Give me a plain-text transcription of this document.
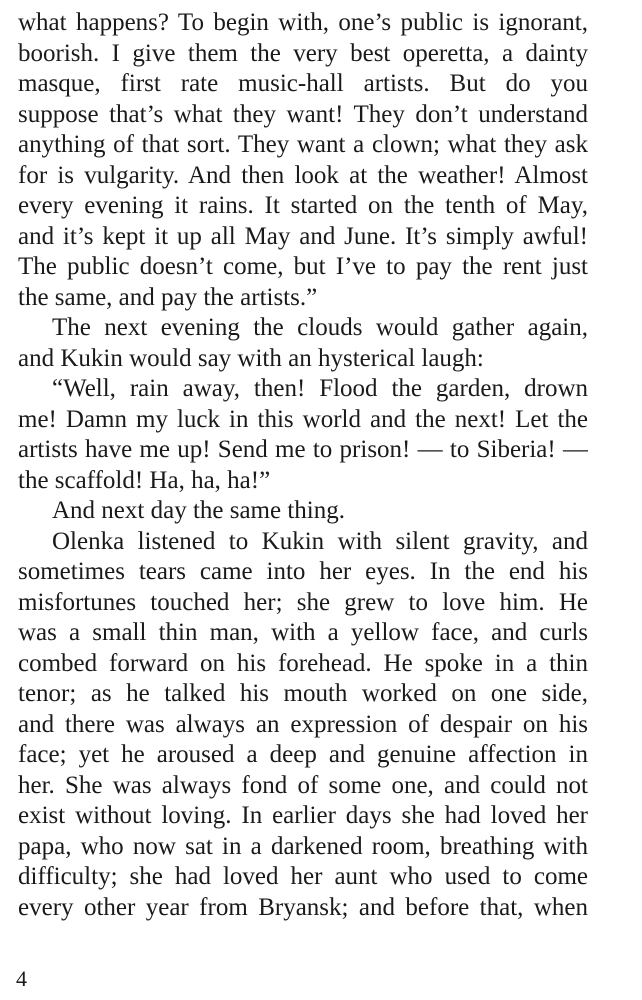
what happens? To begin with, one’s public is ignorant,
boorish. I give them the very best operetta, a dainty
masque, first rate music-hall artists. But do you
suppose that’s what they want! They don’t understand
anything of that sort. They want a clown; what they ask
for is vulgarity. And then look at the weather! Almost
every evening it rains. It started on the tenth of May,
and it’s kept it up all May and June. It’s simply awful!
The public doesn’t come, but I’ve to pay the rent just
the same, and pay the artists.”
The next evening the clouds would gather again,
and Kukin would say with an hysterical laugh:
“Well, rain away, then! Flood the garden, drown
me! Damn my luck in this world and the next! Let the
artists have me up! Send me to prison! — to Siberia! —
the scaffold! Ha, ha, ha!”
And next day the same thing.
Olenka listened to Kukin with silent gravity, and
sometimes tears came into her eyes. In the end his
misfortunes touched her; she grew to love him. He
was a small thin man, with a yellow face, and curls
combed forward on his forehead. He spoke in a thin
tenor; as he talked his mouth worked on one side,
and there was always an expression of despair on his
face; yet he aroused a deep and genuine affection in
her. She was always fond of some one, and could not
exist without loving. In earlier days she had loved her
papa, who now sat in a darkened room, breathing with
difficulty; she had loved her aunt who used to come
every other year from Bryansk; and before that, when
4
